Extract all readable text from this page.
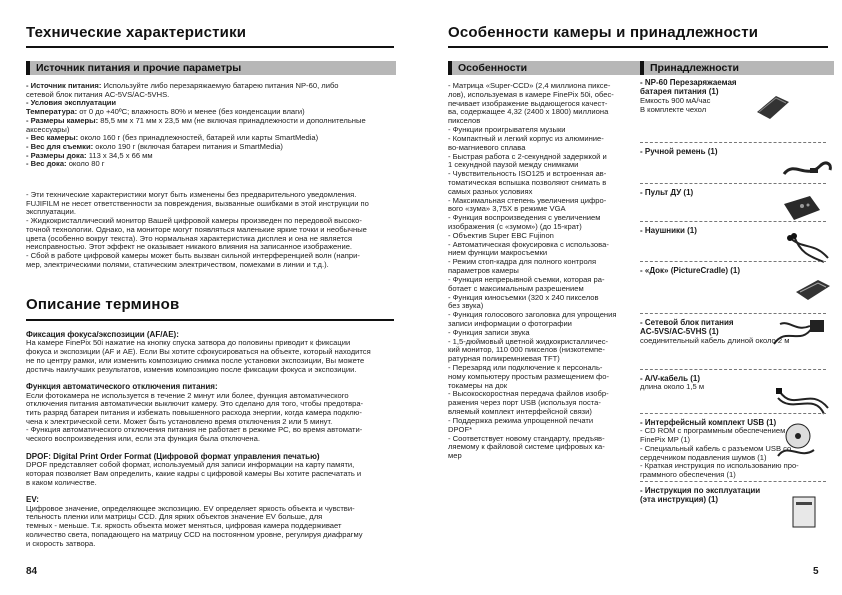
Технические характеристики
Источник питания и прочие параметры
- Источник питания: Используйте либо перезаряжаемую батарею питания NP-60, либо
сетевой блок питания AC-5VS/AC-5VHS.
- Условия эксплуатации
Температура: от 0 до +40ºC; влажность 80% и менее (без конденсации влаги)
- Размеры камеры: 85,5 мм x 71 мм x 23,5 мм (не включая принадлежности и дополнительные
аксессуары)
- Вес камеры: около 160 г (без принадлежностей, батарей или карты SmartMedia)
- Вес для съемки: около 190 г (включая батареи питания и SmartMedia)
- Размеры дока: 113 x 34,5 x 66 мм
- Вес дока: около 80 г
- Эти технические характеристики могут быть изменены без предварительного уведомления.
FUJIFILM не несет ответственности за повреждения, вызванные ошибками в этой инструкции по
эксплуатации.
- Жидкокристаллический монитор Вашей цифровой камеры произведен по передовой высоко-
точной технологии. Однако, на мониторе могут появляться маленькие яркие точки и необычные
цвета (особенно вокруг текста). Это нормальная характеристика дисплея и она не является
неисправностью. Этот эффект не оказывает никакого влияния на записанное изображение.
- Сбой в работе цифровой камеры может быть вызван сильной интерференцией волн (напри-
мер, электрическими полями, статическим электричеством, помехами в линии и т.д.).
Описание терминов
Фиксация фокуса/экспозиции (AF/AE):
На камере FinePix 50i нажатие на кнопку спуска затвора до половины приводит к фиксации
фокуса и экспозиции (AF и AE). Если Вы хотите сфокусироваться на объекте, который находится
не по центру рамки, или изменить композицию снимка после установки экспозиции, Вы можете
достичь наилучших результатов, изменив композицию после фиксации фокуса и экспозиции.
Функция автоматического отключения питания:
Если фотокамера не используется в течение 2 минут или более, функция автоматического
отключения питания автоматически выключит камеру. Это сделано для того, чтобы предотвра-
тить разряд батареи питания и избежать повышенного расхода энергии, когда камера подклю-
чена к электрической сети. Может быть установлено время отключения 2 или 5 минут.
- Функция автоматического отключения питания не работает в режиме PC, во время автомати-
ческого воспроизведения или, если эта функция была отключена.
DPOF: Digital Print Order Format (Цифровой формат управления печатью)
DPOF представляет собой формат, используемый для записи информации на карту памяти,
которая позволяет Вам определить, какие кадры с цифровой камеры Вы хотите распечатать и
в каком количестве.
EV:
Цифровое значение, определяющее экспозицию. EV определяет яркость объекта и чувстви-
тельность пленки или матрицы CCD. Для ярких объектов значение EV больше, для
темных - меньше. Т.к. яркость объекта может меняться, цифровая камера поддерживает
количество света, попадающего на матрицу CCD на постоянном уровне, регулируя диафрагму
и скорость затвора.
84
Особенности камеры и принадлежности
Особенности	Принадлежности
- Матрица «Super-CCD» (2,4 миллиона пиксе-
лов), используемая в камере FinePix 50i, обес-
печивает изображение выдающегося качест-
ва, содержащее 4,32 (2400 x 1800) миллиона
пикселов
- Функции проигрывателя музыки
- Компактный и легкий корпус из алюминие-
во-магниевого сплава
- Быстрая работа с 2-секундной задержкой и
1 секундной паузой между снимками
- Чувствительность ISO125 и встроенная ав-
томатическая вспышка позволяют снимать в
самых разных условиях
- Максимальная степень увеличения цифро-
вого «зума» 3,75X в режиме VGA
- Функция воспроизведения с увеличением
изображения (с «зумом») (до 15-крат)
- Объектив Super EBC Fujinon
- Автоматическая фокусировка с использова-
нием функции макросъемки
- Режим стоп-кадра для полного контроля
параметров камеры
- Функция непрерывной съемки, которая ра-
ботает с максимальным разрешением
- Функция киносъемки (320 x 240 пикселов
без звука)
- Функция голосового заголовка для упрощения
записи информации о фотографии
- Функция записи звука
- 1,5-дюймовый цветной жидкокристалличес-
кий монитор, 110 000 пикселов (низкотемпе-
ратурная поликремниевая TFT)
- Перезаряд или подключение к персональ-
ному компьютеру простым размещением фо-
токамеры на док
- Высокоскоростная передача файлов изобр-
ражения через порт USB (используя поста-
вляемый комплект интерфейсной связи)
- Поддержка режима упрощенной печати
DPOF*
- Соответствует новому стандарту, предъяв-
ляемому к файловой системе цифровых ка-
мер
- NP-60 Перезаряжаемая
батарея питания (1)
Емкость 900 мА/час
В комплекте чехол
- Ручной ремень (1)
- Пульт ДУ (1)
- Наушники (1)
- «Док» (PictureCradle) (1)
- Сетевой блок питания
AC-5VS/AC-5VHS (1)
соединительный кабель длиной около 2 м
- A/V-кабель (1)
длина около 1,5 м
- Интерфейсный комплект USB (1)
- CD ROM с программным обеспечением
FinePix MP (1)
- Специальный кабель с разъемом USB со
сердечником подавления шумов (1)
- Краткая инструкция по использованию про-
граммного обеспечения (1)
- Инструкция по эксплуатации
(эта инструкция) (1)
5
